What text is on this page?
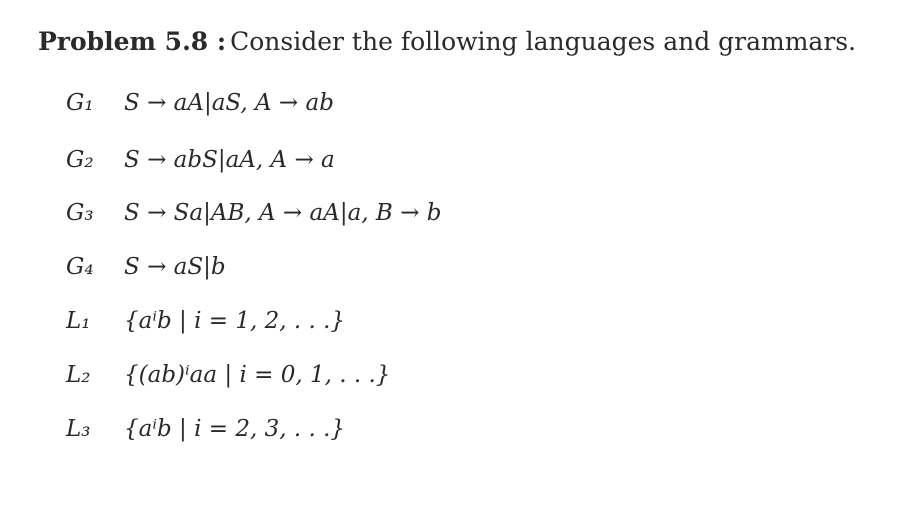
Problem 5.8 : Consider the following languages and grammars.
G₁ S → aA|aS, A → ab
G₂ S → abS|aA, A → a
G₃ S → Sa|AB, A → aA|a, B → b
G₄ S → aS|b
L₁ {aⁱb | i = 1, 2, . . .}
L₂ {(ab)ⁱaa | i = 0, 1, . . .}
L₃ {aⁱb | i = 2, 3, . . .}
